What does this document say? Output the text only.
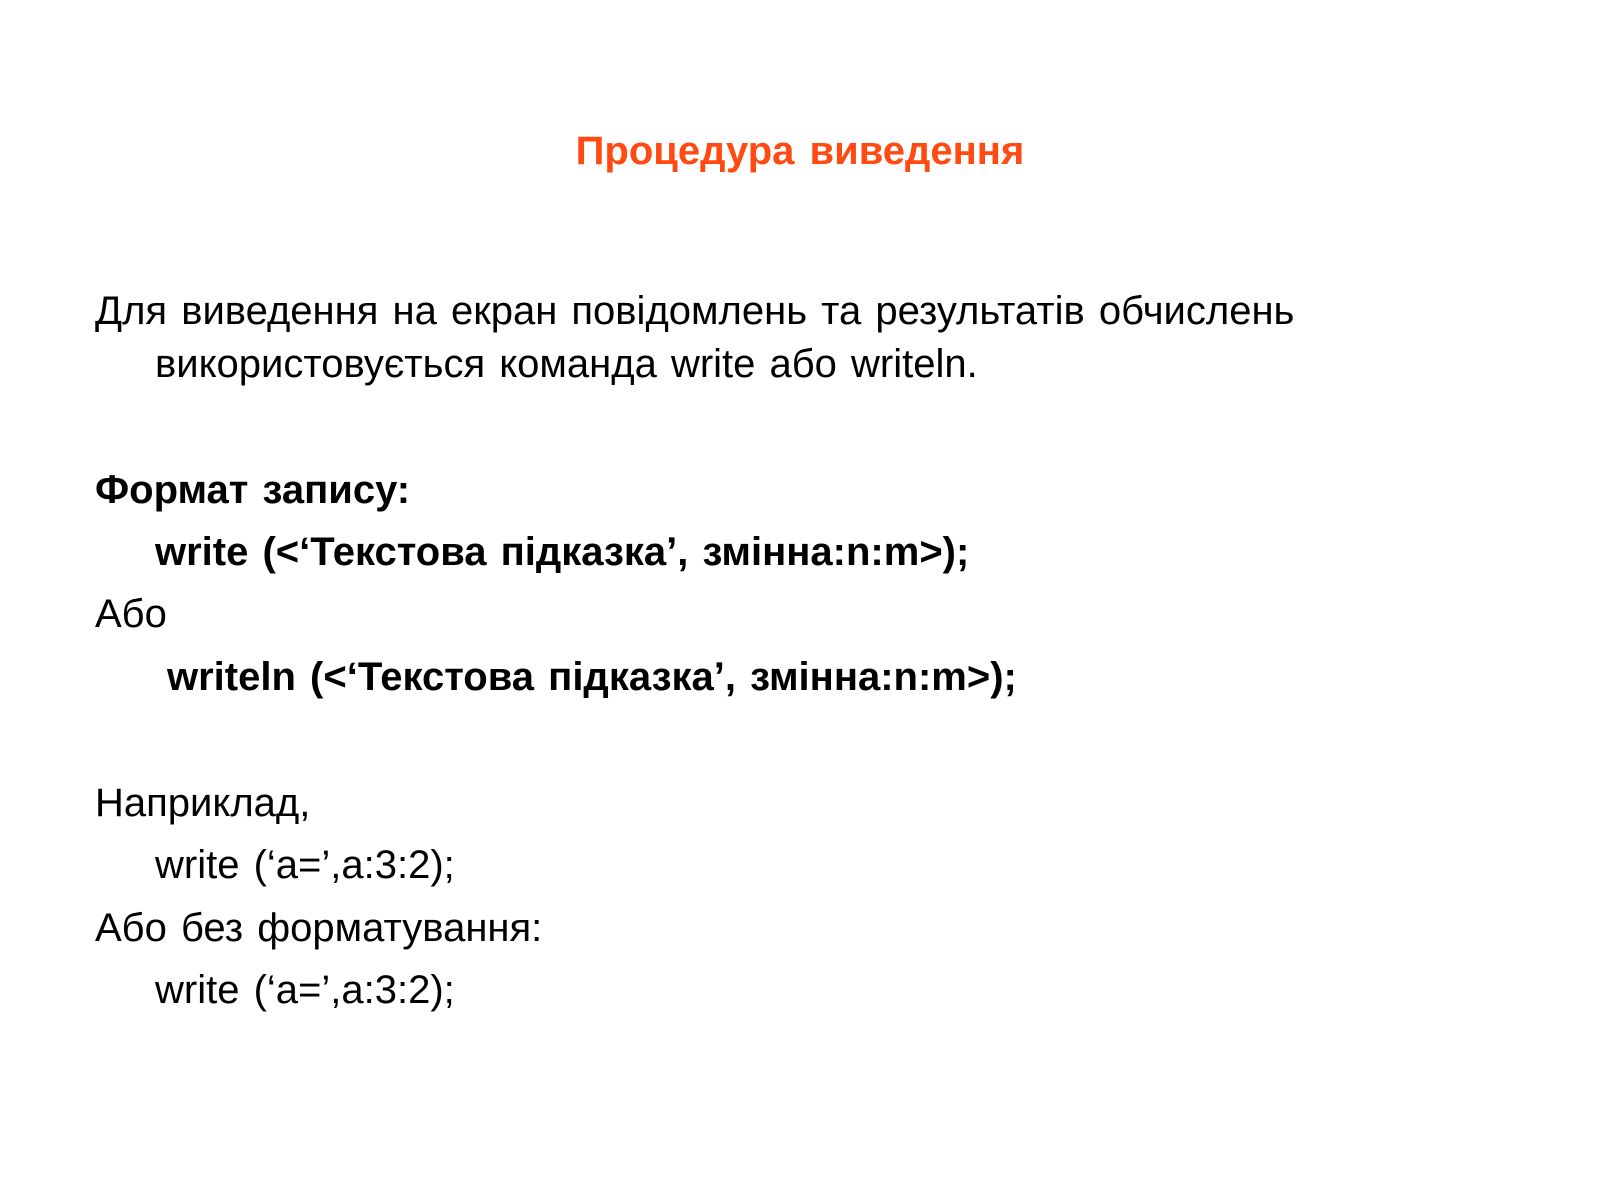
Процедура виведення
Для виведення на екран повідомлень та результатів обчислень
використовується команда write або writeln.
Формат запису:
write (<‘Текстова підказка’, змінна:n:m>);
Або
writeln (<‘Текстова підказка’, змінна:n:m>);
Наприклад,
write (‘a=’,a:3:2);
Або без форматування:
write (‘a=’,a:3:2);
